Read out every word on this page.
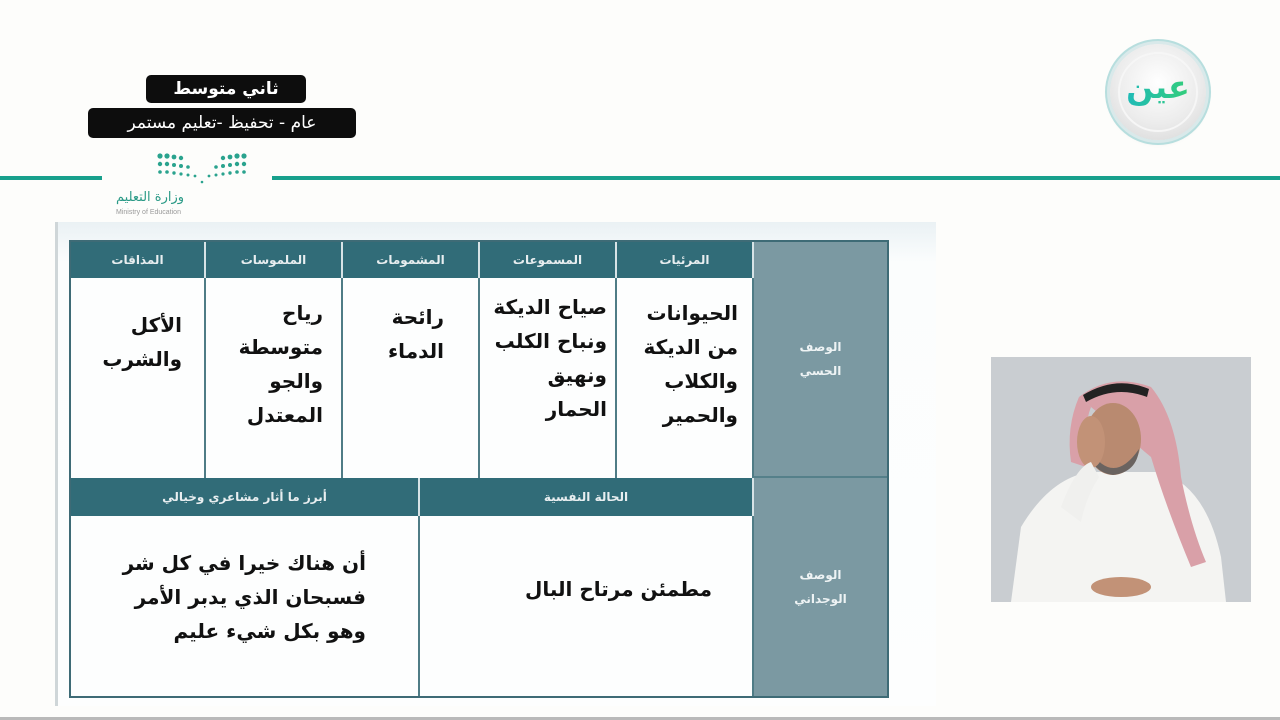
ثاني متوسط
عام - تحفيظ -تعليم مستمر
وزارة التعليم
Ministry of Education
عين
المرئيات
المسموعات
المشمومات
الملموسات
المذاقات
الحيوانات من الديكة والكلاب والحمير
صياح الديكة ونباح الكلب ونهيق الحمار
رائحة الدماء
رياح متوسطة والجو المعتدل
الأكل والشرب
الحالة النفسية
أبرز ما أثار مشاعري وخيالي
مطمئن مرتاح البال
أن هناك خيرا في كل شر فسبحان الذي يدبر الأمر وهو بكل شيء عليم
الوصف الحسي
الوصف الوجداني
